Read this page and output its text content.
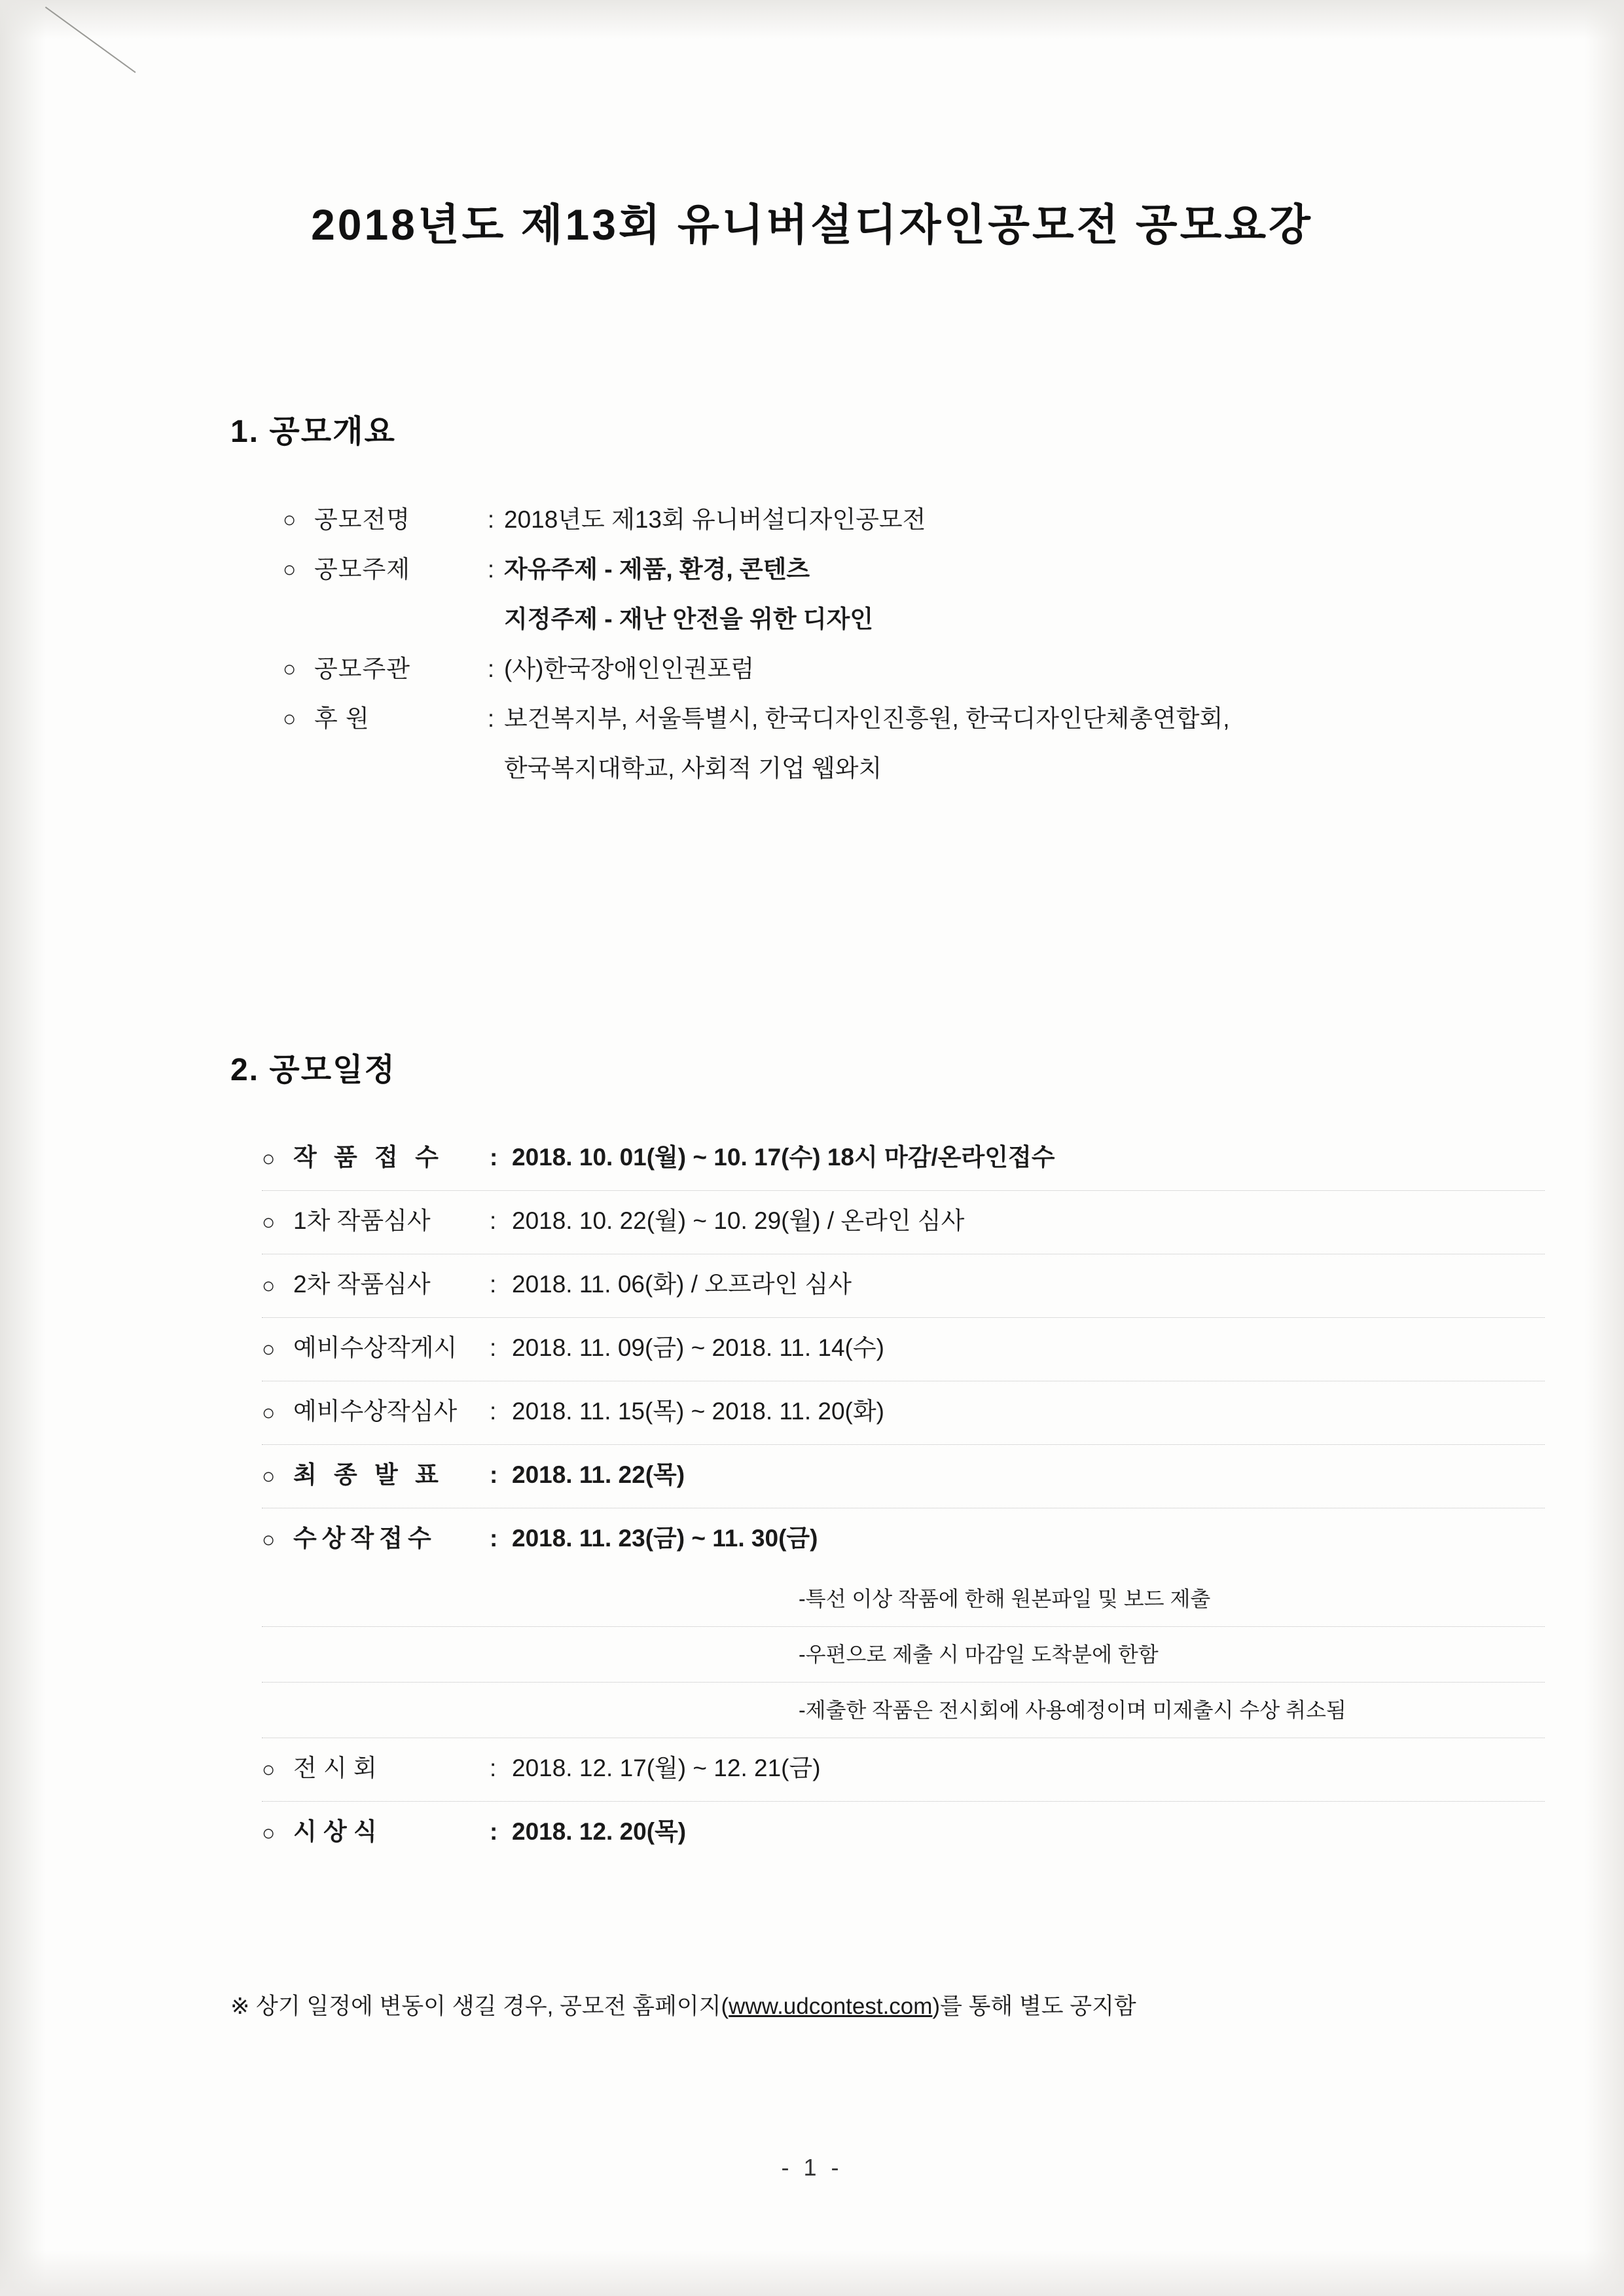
2018년도 제13회 유니버설디자인공모전 공모요강
1. 공모개요
○ 공모전명	: 2018년도 제13회 유니버설디자인공모전
○ 공모주제	: 자유주제 - 제품, 환경, 콘텐츠
지정주제 - 재난 안전을 위한 디자인
○ 공모주관	: (사)한국장애인인권포럼
○ 후 원	: 보건복지부, 서울특별시, 한국디자인진흥원, 한국디자인단체총연합회,
한국복지대학교, 사회적 기업 웹와치
2. 공모일정
○ 작 품 접 수	: 2018. 10. 01(월) ~ 10. 17(수) 18시 마감/온라인접수
○ 1차 작품심사	: 2018. 10. 22(월) ~ 10. 29(월) / 온라인 심사
○ 2차 작품심사	: 2018. 11. 06(화) / 오프라인 심사
○ 예비수상작게시	: 2018. 11. 09(금) ~ 2018. 11. 14(수)
○ 예비수상작심사	: 2018. 11. 15(목) ~ 2018. 11. 20(화)
○ 최 종 발 표	: 2018. 11. 22(목)
○ 수상작접수	: 2018. 11. 23(금) ~ 11. 30(금)
-특선 이상 작품에 한해 원본파일 및 보드 제출
-우편으로 제출 시 마감일 도착분에 한함
-제출한 작품은 전시회에 사용예정이며 미제출시 수상 취소됨
○ 전 시 회	: 2018. 12. 17(월) ~ 12. 21(금)
○ 시 상 식	: 2018. 12. 20(목)
※ 상기 일정에 변동이 생길 경우, 공모전 홈페이지(www.udcontest.com)를 통해 별도 공지함
- 1 -
